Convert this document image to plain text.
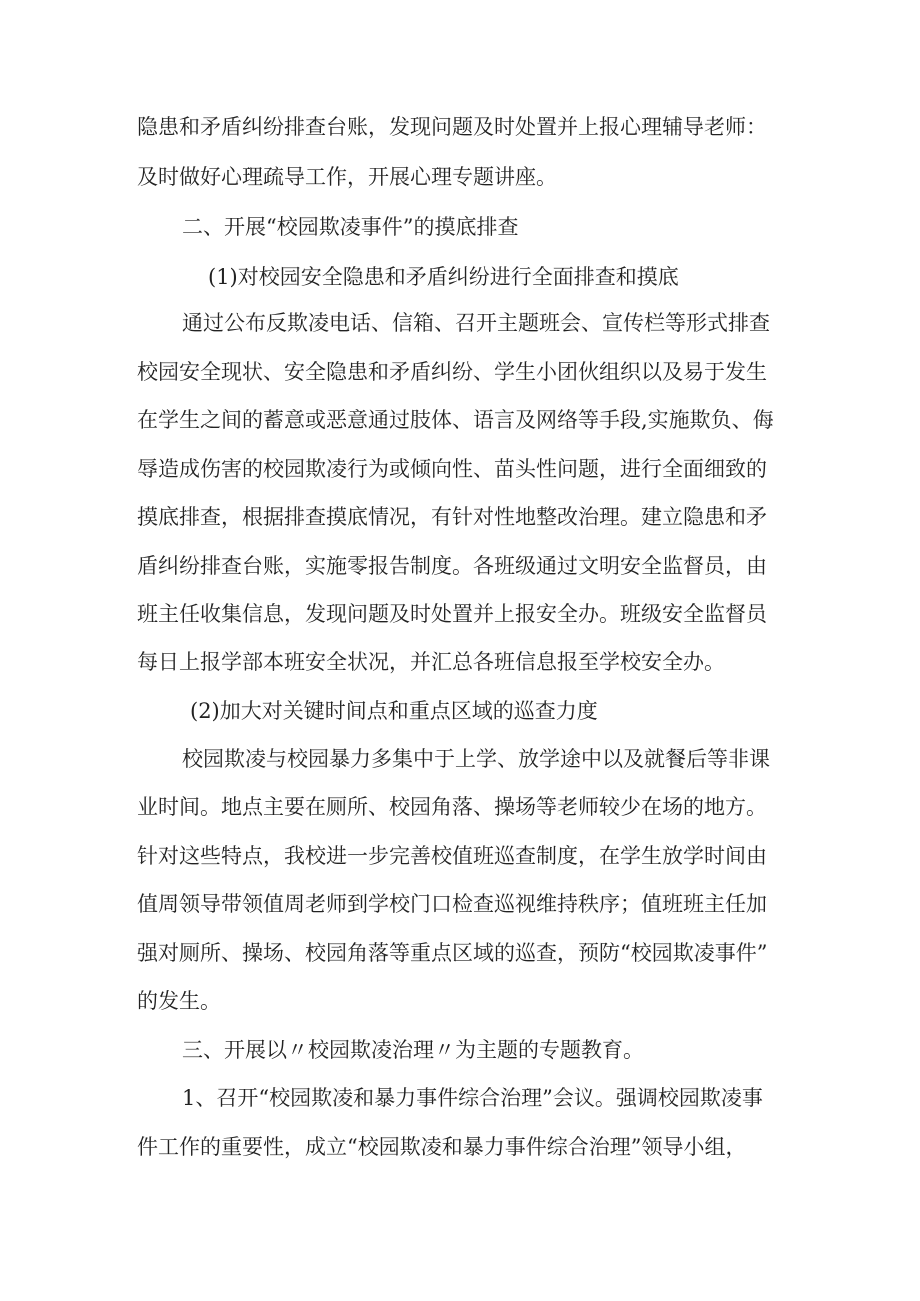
隐患和矛盾纠纷排查台账，发现问题及时处置并上报心理辅导老师：

及时做好心理疏导工作，开展心理专题讲座。

二、开展“校园欺凌事件”的摸底排查

(1)对校园安全隐患和矛盾纠纷进行全面排查和摸底

通过公布反欺凌电话、信箱、召开主题班会、宣传栏等形式排查

校园安全现状、安全隐患和矛盾纠纷、学生小团伙组织以及易于发生

在学生之间的蓄意或恶意通过肢体、语言及网络等手段,实施欺负、侮

辱造成伤害的校园欺凌行为或倾向性、苗头性问题，进行全面细致的

摸底排查，根据排查摸底情况，有针对性地整改治理。建立隐患和矛

盾纠纷排查台账，实施零报告制度。各班级通过文明安全监督员，由

班主任收集信息，发现问题及时处置并上报安全办。班级安全监督员

每日上报学部本班安全状况，并汇总各班信息报至学校安全办。

(2)加大对关键时间点和重点区域的巡查力度

校园欺凌与校园暴力多集中于上学、放学途中以及就餐后等非课

业时间。地点主要在厕所、校园角落、操场等老师较少在场的地方。

针对这些特点，我校进一步完善校值班巡查制度，在学生放学时间由

值周领导带领值周老师到学校门口检查巡视维持秩序；值班班主任加

强对厕所、操场、校园角落等重点区域的巡查，预防“校园欺凌事件”

的发生。

三、开展以〃校园欺凌治理〃为主题的专题教育。

1、召开“校园欺凌和暴力事件综合治理”会议。强调校园欺凌事

件工作的重要性，成立“校园欺凌和暴力事件综合治理”领导小组，
